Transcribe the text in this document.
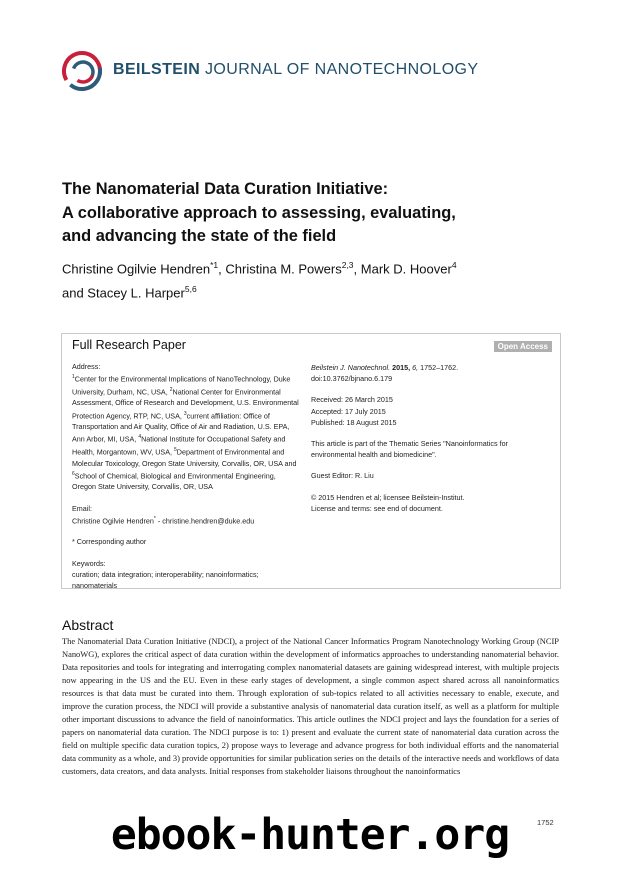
BEILSTEIN JOURNAL OF NANOTECHNOLOGY
The Nanomaterial Data Curation Initiative:
A collaborative approach to assessing, evaluating,
and advancing the state of the field
Christine Ogilvie Hendren$^{*1}$, Christina M. Powers$^{2,3}$, Mark D. Hoover$^4$
and Stacey L. Harper$^{5,6}$
Full Research Paper	Open Access
Address:
$^1$Center for the Environmental Implications of NanoTechnology, Duke University, Durham, NC, USA, $^2$National Center for Environmental Assessment, Office of Research and Development, U.S. Environmental Protection Agency, RTP, NC, USA, $^3$current affiliation: Office of Transportation and Air Quality, Office of Air and Radiation, U.S. EPA, Ann Arbor, MI, USA, $^4$National Institute for Occupational Safety and Health, Morgantown, WV, USA, $^5$Department of Environmental and Molecular Toxicology, Oregon State University, Corvallis, OR, USA and $^6$School of Chemical, Biological and Environmental Engineering, Oregon State University, Corvallis, OR, USA
Email:
Christine Ogilvie Hendren* - christine.hendren@duke.edu
* Corresponding author
Keywords:
curation; data integration; interoperability; nanoinformatics; nanomaterials
Beilstein J. Nanotechnol. 2015, 6, 1752–1762.
doi:10.3762/bjnano.6.179
Received: 26 March 2015
Accepted: 17 July 2015
Published: 18 August 2015
This article is part of the Thematic Series "Nanoinformatics for environmental health and biomedicine".
Guest Editor: R. Liu
© 2015 Hendren et al; licensee Beilstein-Institut.
License and terms: see end of document.
Abstract
The Nanomaterial Data Curation Initiative (NDCI), a project of the National Cancer Informatics Program Nanotechnology Working Group (NCIP NanoWG), explores the critical aspect of data curation within the development of informatics approaches to understanding nanomaterial behavior. Data repositories and tools for integrating and interrogating complex nanomaterial datasets are gaining widespread interest, with multiple projects now appearing in the US and the EU. Even in these early stages of development, a single common aspect shared across all nanoinformatics resources is that data must be curated into them. Through exploration of sub-topics related to all activities necessary to enable, execute, and improve the curation process, the NDCI will provide a substantive analysis of nanomaterial data curation itself, as well as a platform for multiple other important discussions to advance the field of nanoinformatics. This article outlines the NDCI project and lays the foundation for a series of papers on nanomaterial data curation. The NDCI purpose is to: 1) present and evaluate the current state of nanomaterial data curation across the field on multiple specific data curation topics, 2) propose ways to leverage and advance progress for both individual efforts and the nanomaterial data community as a whole, and 3) provide opportunities for similar publication series on the details of the interactive needs and workflows of data customers, data creators, and data analysts. Initial responses from stakeholder liaisons throughout the nanoinformatics
1752
ebook-hunter.org
